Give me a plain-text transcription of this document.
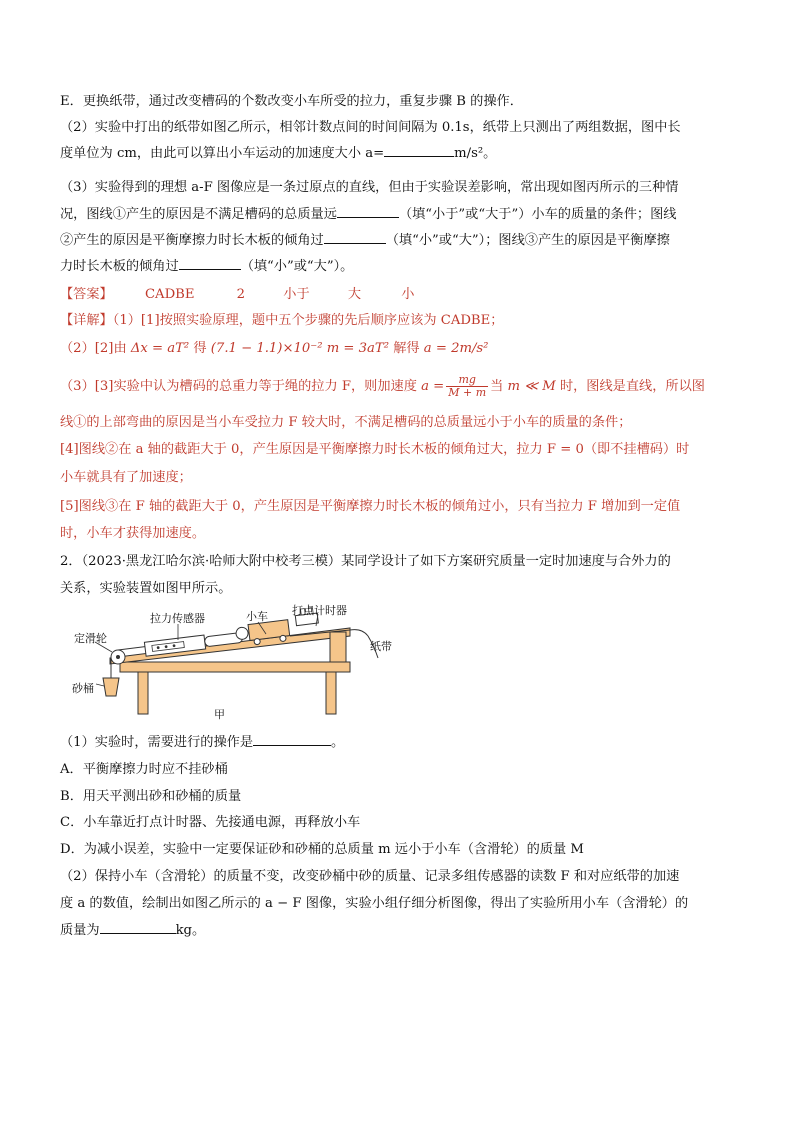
E．更换纸带，通过改变槽码的个数改变小车所受的拉力，重复步骤 B 的操作．
（2）实验中打出的纸带如图乙所示，相邻计数点间的时间间隔为 0.1s，纸带上只测出了两组数据，图中长
度单位为 cm，由此可以算出小车运动的加速度大小 a=	m/s²。
（3）实验得到的理想 a-F 图像应是一条过原点的直线，但由于实验误差影响，常出现如图丙所示的三种情
况，图线①产生的原因是不满足槽码的总质量远	（填“小于”或“大于”）小车的质量的条件；图线
②产生的原因是平衡摩擦力时长木板的倾角过	（填“小”或“大”）；图线③产生的原因是平衡摩擦
力时长木板的倾角过	（填“小”或“大”）。
【答案】 CADBE	2	小于	大	小
【详解】（1）[1]按照实验原理，题中五个步骤的先后顺序应该为 CADBE；
（2）[2]由 Δx = aT² 得 (7.1 − 1.1)×10⁻² m = 3aT² 解得 a = 2m/s²
（3）[3]实验中认为槽码的总重力等于绳的拉力 F，则加速度 $a = \frac{mg}{M + m}$ 当 m ≪ M 时，图线是直线，所以图
线①的上部弯曲的原因是当小车受拉力 F 较大时，不满足槽码的总质量远小于小车的质量的条件；
[4]图线②在 a 轴的截距大于 0，产生原因是平衡摩擦力时长木板的倾角过大，拉力 F = 0（即不挂槽码）时
小车就具有了加速度；
[5]图线③在 F 轴的截距大于 0，产生原因是平衡摩擦力时长木板的倾角过小，只有当拉力 F 增加到一定值
时，小车才获得加速度。
2．（2023·黑龙江哈尔滨·哈师大附中校考三模）某同学设计了如下方案研究质量一定时加速度与合外力的
关系，实验装置如图甲所示。
定滑轮
拉力传感器	小车 打点计时器
纸带
砂桶
甲
（1）实验时，需要进行的操作是	。
A．平衡摩擦力时应不挂砂桶
B．用天平测出砂和砂桶的质量
C．小车靠近打点计时器、先接通电源，再释放小车
D．为减小误差，实验中一定要保证砂和砂桶的总质量 m 远小于小车（含滑轮）的质量 M
（2）保持小车（含滑轮）的质量不变，改变砂桶中砂的质量、记录多组传感器的读数 F 和对应纸带的加速
度 a 的数值，绘制出如图乙所示的 a − F 图像，实验小组仔细分析图像，得出了实验所用小车（含滑轮）的
质量为	kg。
